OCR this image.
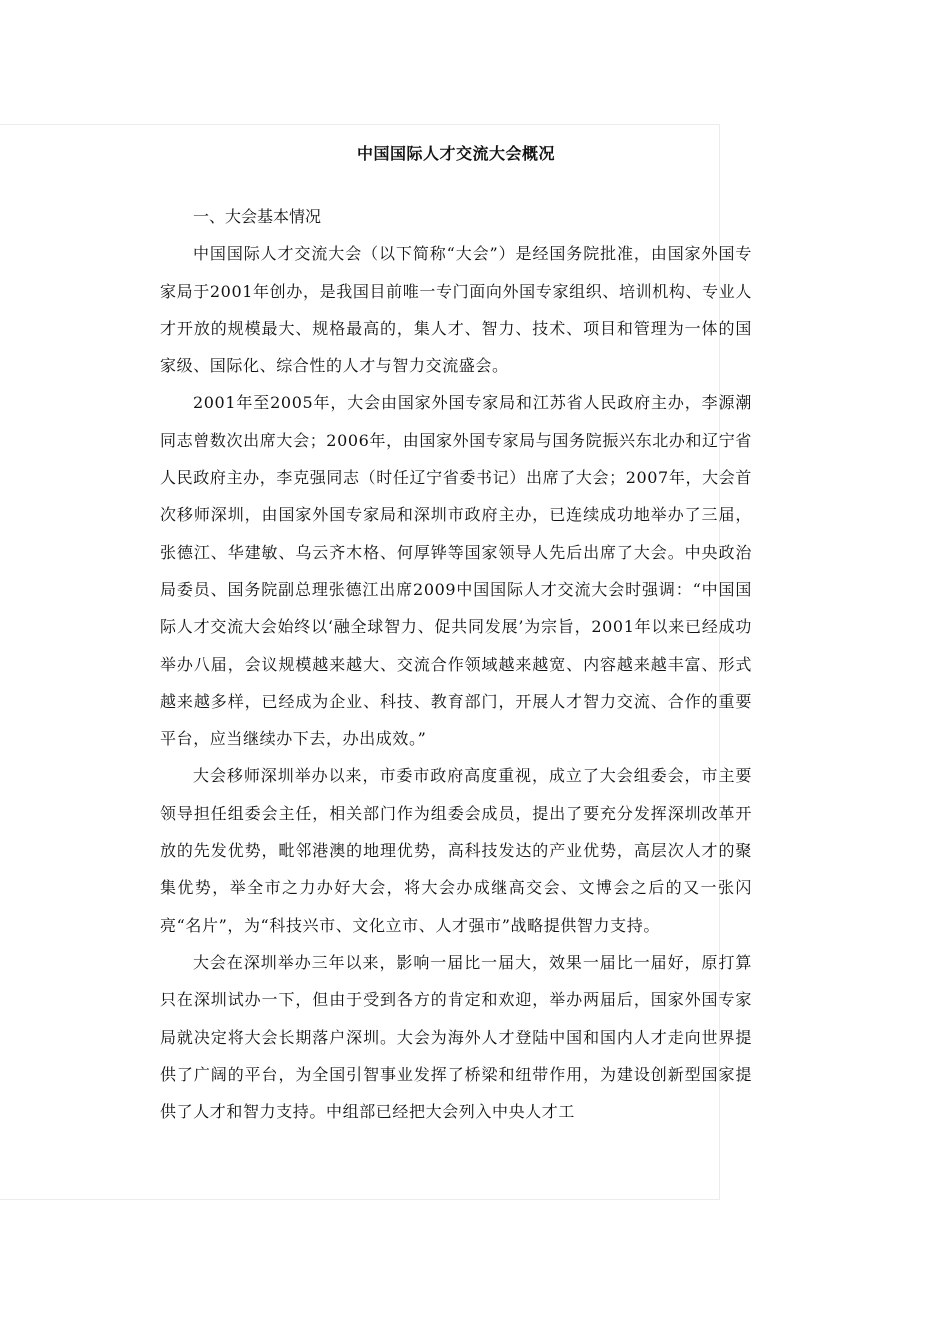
中国国际人才交流大会概况

一、大会基本情况

中国国际人才交流大会（以下简称“大会”）是经国务院批准，由国家外国专家局于2001年创办，是我国目前唯一专门面向外国专家组织、培训机构、专业人才开放的规模最大、规格最高的，集人才、智力、技术、项目和管理为一体的国家级、国际化、综合性的人才与智力交流盛会。

2001年至2005年，大会由国家外国专家局和江苏省人民政府主办，李源潮同志曾数次出席大会；2006年，由国家外国专家局与国务院振兴东北办和辽宁省人民政府主办，李克强同志（时任辽宁省委书记）出席了大会；2007年，大会首次移师深圳，由国家外国专家局和深圳市政府主办，已连续成功地举办了三届，张德江、华建敏、乌云齐木格、何厚铧等国家领导人先后出席了大会。中央政治局委员、国务院副总理张德江出席2009中国国际人才交流大会时强调：“中国国际人才交流大会始终以‘融全球智力、促共同发展’为宗旨，2001年以来已经成功举办八届，会议规模越来越大、交流合作领域越来越宽、内容越来越丰富、形式越来越多样，已经成为企业、科技、教育部门，开展人才智力交流、合作的重要平台，应当继续办下去，办出成效。”

大会移师深圳举办以来，市委市政府高度重视，成立了大会组委会，市主要领导担任组委会主任，相关部门作为组委会成员，提出了要充分发挥深圳改革开放的先发优势，毗邻港澳的地理优势，高科技发达的产业优势，高层次人才的聚集优势，举全市之力办好大会，将大会办成继高交会、文博会之后的又一张闪亮“名片”，为“科技兴市、文化立市、人才强市”战略提供智力支持。

大会在深圳举办三年以来，影响一届比一届大，效果一届比一届好，原打算只在深圳试办一下，但由于受到各方的肯定和欢迎，举办两届后，国家外国专家局就决定将大会长期落户深圳。大会为海外人才登陆中国和国内人才走向世界提供了广阔的平台，为全国引智事业发挥了桥梁和纽带作用，为建设创新型国家提供了人才和智力支持。中组部已经把大会列入中央人才工
